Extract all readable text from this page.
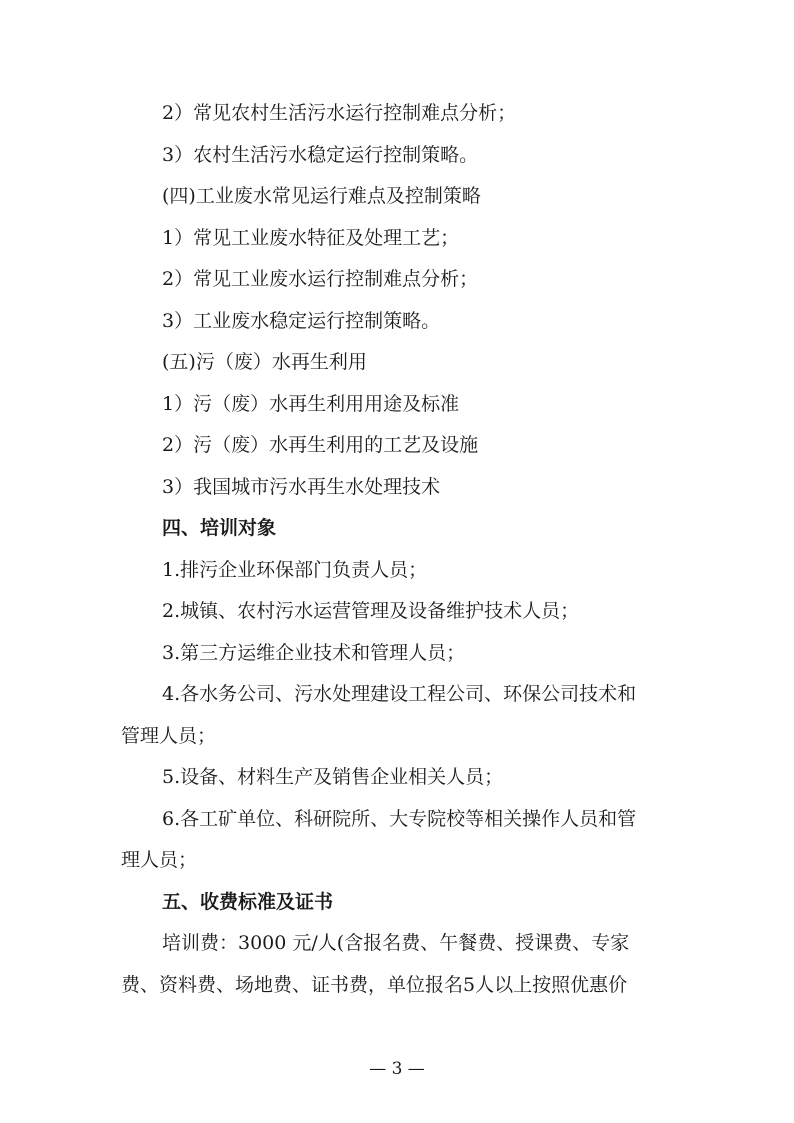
2）常见农村生活污水运行控制难点分析；
3）农村生活污水稳定运行控制策略。
(四)工业废水常见运行难点及控制策略
1）常见工业废水特征及处理工艺；
2）常见工业废水运行控制难点分析；
3）工业废水稳定运行控制策略。
(五)污（废）水再生利用
1）污（废）水再生利用用途及标准
2）污（废）水再生利用的工艺及设施
3）我国城市污水再生水处理技术
四、培训对象
1.排污企业环保部门负责人员；
2.城镇、农村污水运营管理及设备维护技术人员；
3.第三方运维企业技术和管理人员；
4.各水务公司、污水处理建设工程公司、环保公司技术和
管理人员；
5.设备、材料生产及销售企业相关人员；
6.各工矿单位、科研院所、大专院校等相关操作人员和管
理人员；
五、收费标准及证书
培训费：3000 元/人(含报名费、午餐费、授课费、专家
费、资料费、场地费、证书费，单位报名5人以上按照优惠价
— 3 —
